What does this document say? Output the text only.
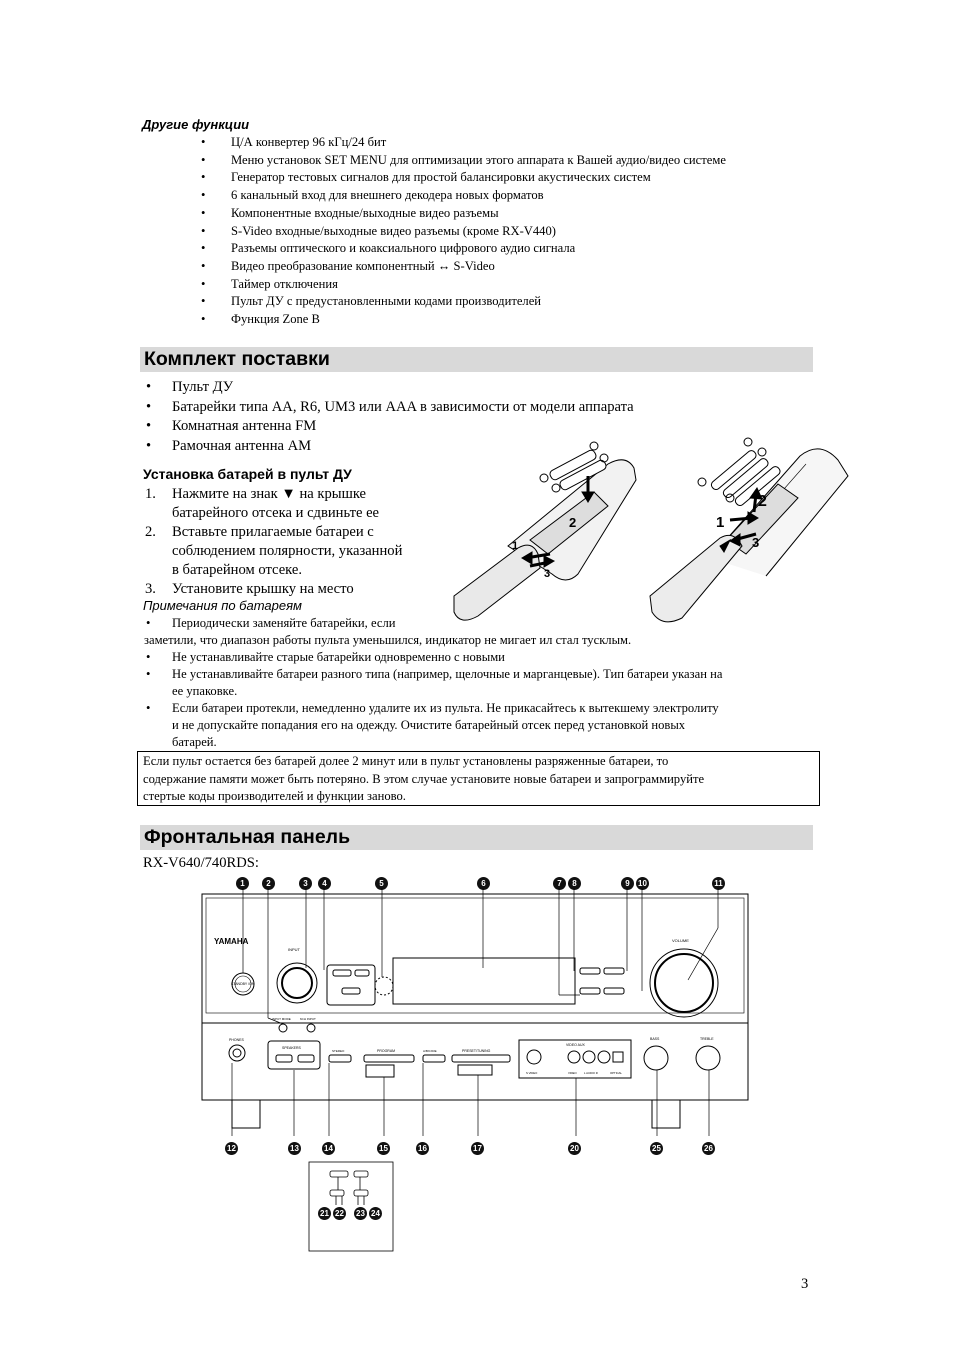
Другие функции
• Ц/А конвертер 96 кГц/24 бит
• Меню установок SET MENU для оптимизации этого аппарата к Вашей аудио/видео системе
• Генератор тестовых сигналов для простой балансировки акустических систем
• 6 канальный вход для внешнего декодера новых форматов
• Компонентные входные/выходные видео разъемы
• S-Video входные/выходные видео разъемы (кроме RX-V440)
• Разъемы оптического и коаксиального цифрового аудио сигнала
• Видео преобразование компонентный ↔ S-Video
• Таймер отключения
• Пульт ДУ с предустановленными кодами производителей
• Функция Zone B
Комплект поставки
• Пульт ДУ
• Батарейки типа AA, R6, UM3 или AAA в зависимости от модели аппарата
• Комнатная антенна FM
• Рамочная антенна AM
Установка батарей в пульт ДУ
1. Нажмите на знак ▼ на крышке
батарейного отсека и сдвиньте ее
2. Вставьте прилагаемые батареи с
соблюдением полярности, указанной
в батарейном отсеке.
3. Установите крышку на место
1
2
3
1
2
3
Примечания по батареям
• Периодически заменяйте батарейки, если
заметили, что диапазон работы пульта уменьшился, индикатор не мигает ил стал тусклым.
• Не устанавливайте старые батарейки одновременно с новыми
• Не устанавливайте батареи разного типа (например, щелочные и марганцевые). Тип батареи указан на
ее упаковке.
• Если батареи протекли, немедленно удалите их из пульта. Не прикасайтесь к вытекшему электролиту
и не допускайте попадания его на одежду. Очистите батарейный отсек перед установкой новых
батарей.
Если пульт остается без батарей долее 2 минут или в пульт установлены разряженные батареи, то
содержание памяти может быть потеряно. В этом случае установите новые батареи и запрограммируйте
стертые коды производителей и функции заново.
Фронтальная панель
RX-V640/740RDS:
1	2	3	4	5	6	7	8	9	10	11
YAMAHA
STANDBY /ON
INPUT
VOLUME
INPUT MODE	6CH INPUT
PHONES
SPEAKERS
STEREO	PROGRAM	A/B/C/D/E	PRESET/TUNING
VIDEO AUX
S VIDEO	VIDEO	L AUDIO R	OPTICAL
BASS	TREBLE
12	13	14	15	16	17	20	25	26
21 22 23 24
3
